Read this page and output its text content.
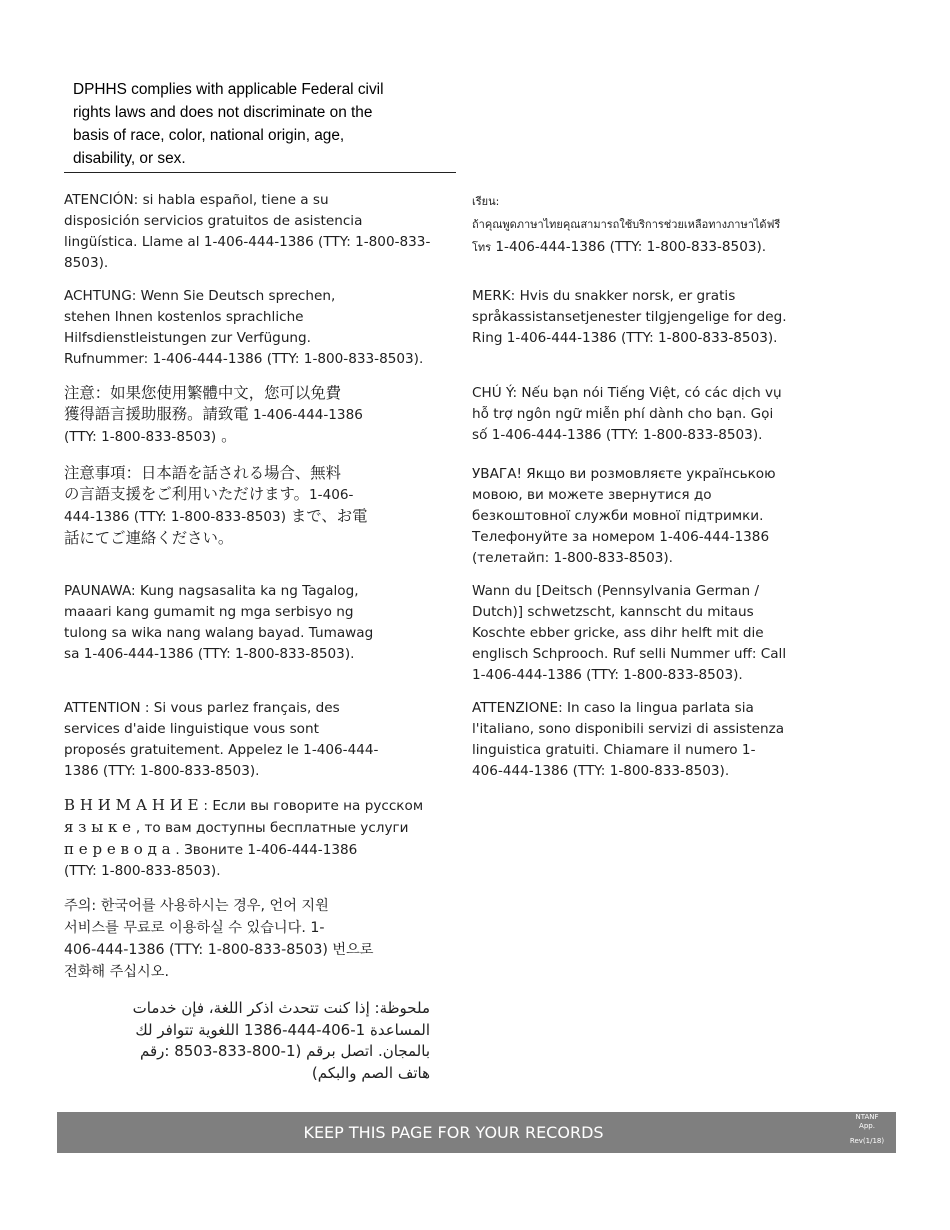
DPHHS complies with applicable Federal civil
rights laws and does not discriminate on the
basis of race, color, national origin, age,
disability, or sex.
ATENCIÓN: si habla español, tiene a su
disposición servicios gratuitos de asistencia
lingüística. Llame al 1-406-444-1386 (TTY: 1-800-833-
8503).
ACHTUNG: Wenn Sie Deutsch sprechen,
stehen Ihnen kostenlos sprachliche
Hilfsdienstleistungen zur Verfügung.
Rufnummer: 1-406-444-1386 (TTY: 1-800-833-8503).
注意：如果您使用繁體中文，您可以免費
獲得語言援助服務。請致電 1-406-444-1386
(TTY: 1-800-833-8503) 。
注意事項：日本語を話される場合、無料
の言語支援をご利用いただけます。1-406-
444-1386 (TTY: 1-800-833-8503) まで、お電
話にてご連絡ください。
PAUNAWA: Kung nagsasalita ka ng Tagalog,
maaari kang gumamit ng mga serbisyo ng
tulong sa wika nang walang bayad. Tumawag
sa 1-406-444-1386 (TTY: 1-800-833-8503).
ATTENTION : Si vous parlez français, des
services d'aide linguistique vous sont
proposés gratuitement. Appelez le 1-406-444-
1386 (TTY: 1-800-833-8503).
ВНИМАНИЕ: Если вы говорите на русском
языке, то вам доступны бесплатные услуги
перевода. Звоните 1-406-444-1386
(TTY: 1-800-833-8503).
주의: 한국어를 사용하시는 경우, 언어 지원
서비스를 무료로 이용하실 수 있습니다. 1-
406-444-1386 (TTY: 1-800-833-8503) 번으로
전화해 주십시오.
ملحوظة: إذا كنت تتحدث اذكر اللغة، فإن خدمات
المساعدة 1-406-444-1386 اللغوية تتوافر لك
بالمجان. اتصل برقم (1-800-833-8503 :رقم
هاتف الصم والبكم)
เรียน:
ถ้าคุณพูดภาษาไทยคุณสามารถใช้บริการช่วยเหลือทางภาษาได้ฟรี
โทร 1-406-444-1386 (TTY: 1-800-833-8503).
MERK: Hvis du snakker norsk, er gratis
språkassistansetjenester tilgjengelige for deg.
Ring 1-406-444-1386 (TTY: 1-800-833-8503).
CHÚ Ý: Nếu bạn nói Tiếng Việt, có các dịch vụ
hỗ trợ ngôn ngữ miễn phí dành cho bạn. Gọi
số 1-406-444-1386 (TTY: 1-800-833-8503).
УВАГА! Якщо ви розмовляєте українською
мовою, ви можете звернутися до
безкоштовної служби мовної підтримки.
Телефонуйте за номером 1-406-444-1386
(телетайп: 1-800-833-8503).
Wann du [Deitsch (Pennsylvania German /
Dutch)] schwetzscht, kannscht du mitaus
Koschte ebber gricke, ass dihr helft mit die
englisch Schprooch. Ruf selli Nummer uff: Call
1-406-444-1386 (TTY: 1-800-833-8503).
ATTENZIONE: In caso la lingua parlata sia
l'italiano, sono disponibili servizi di assistenza
linguistica gratuiti. Chiamare il numero 1-
406-444-1386 (TTY: 1-800-833-8503).
KEEP THIS PAGE FOR YOUR RECORDS
NTANF
App.
Rev(1/18)
